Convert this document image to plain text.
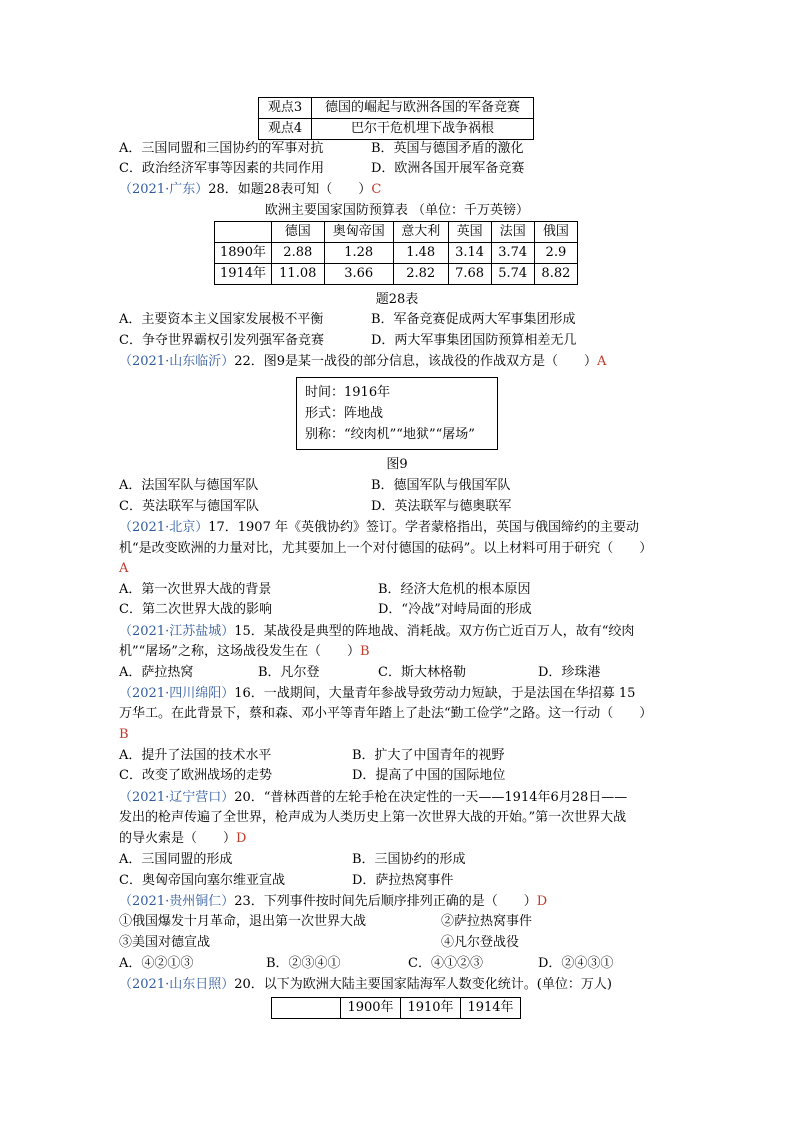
观点3	德国的崛起与欧洲各国的军备竞赛
观点4	巴尔干危机埋下战争祸根
A．三国同盟和三国协约的军事对抗	B．英国与德国矛盾的激化
C．政治经济军事等因素的共同作用	D．欧洲各国开展军备竞赛
（2021·广东）28．如题28表可知（　　）C
欧洲主要国家国防预算表 （单位：千万英镑）
	德国	奥匈帝国	意大利	英国	法国	俄国
1890年	2.88	1.28	1.48	3.14	3.74	2.9
1914年	11.08	3.66	2.82	7.68	5.74	8.82
题28表
A．主要资本主义国家发展极不平衡	B．军备竞赛促成两大军事集团形成
C．争夺世界霸权引发列强军备竞赛	D．两大军事集团国防预算相差无几
（2021·山东临沂）22．图9是某一战役的部分信息，该战役的作战双方是（　　）A
时间：1916年
形式：阵地战
别称：“绞肉机”“地狱”“屠场”
图9
A．法国军队与德国军队	B．德国军队与俄国军队
C．英法联军与德国军队	D．英法联军与德奥联军
（2021·北京）17．1907 年《英俄协约》签订。学者蒙格指出，英国与俄国缔约的主要动
机“是改变欧洲的力量对比，尤其要加上一个对付德国的砝码”。以上材料可用于研究（　　）
A
A．第一次世界大战的背景	B．经济大危机的根本原因
C．第二次世界大战的影响	D．“冷战”对峙局面的形成
（2021·江苏盐城）15．某战役是典型的阵地战、消耗战。双方伤亡近百万人，故有“绞肉
机”“屠场”之称，这场战役发生在（　　）B
A．萨拉热窝	B．凡尔登	C．斯大林格勒	D．珍珠港
（2021·四川绵阳）16．一战期间，大量青年参战导致劳动力短缺，于是法国在华招募 15
万华工。在此背景下，蔡和森、邓小平等青年踏上了赴法“勤工俭学”之路。这一行动（　　）
B
A．提升了法国的技术水平	B．扩大了中国青年的视野
C．改变了欧洲战场的走势	D．提高了中国的国际地位
（2021·辽宁营口）20．“普林西普的左轮手枪在决定性的一天——1914年6月28日——
发出的枪声传遍了全世界，枪声成为人类历史上第一次世界大战的开始。”第一次世界大战
的导火索是（　　）D
A．三国同盟的形成	B．三国协约的形成
C．奥匈帝国向塞尔维亚宣战	D．萨拉热窝事件
（2021·贵州铜仁）23．下列事件按时间先后顺序排列正确的是（　　）D
①俄国爆发十月革命，退出第一次世界大战	②萨拉热窝事件
③美国对德宣战	④凡尔登战役
A．④②①③	B．②③④①	C．④①②③	D．②④③①
（2021·山东日照）20．以下为欧洲大陆主要国家陆海军人数变化统计。(单位：万人)
	1900年	1910年	1914年
